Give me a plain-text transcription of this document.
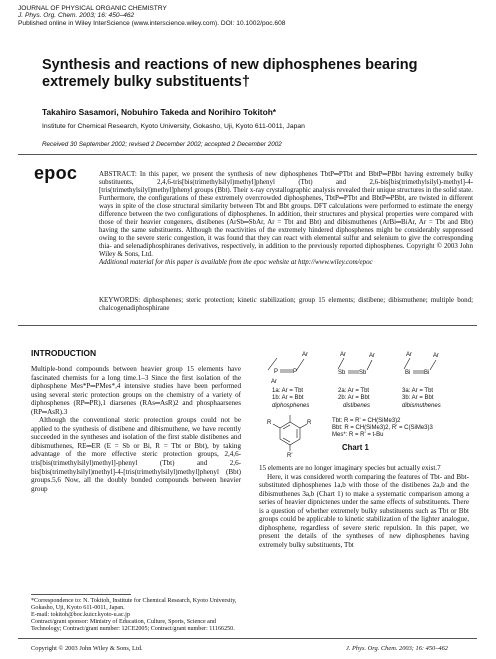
JOURNAL OF PHYSICAL ORGANIC CHEMISTRY
J. Phys. Org. Chem. 2003; 16: 450–462
Published online in Wiley InterScience (www.interscience.wiley.com). DOI: 10.1002/poc.608
Synthesis and reactions of new diphosphenes bearing extremely bulky substituents†
Takahiro Sasamori, Nobuhiro Takeda and Norihiro Tokitoh*
Institute for Chemical Research, Kyoto University, Gokasho, Uji, Kyoto 611-0011, Japan
Received 30 September 2002; revised 2 December 2002; accepted 2 December 2002
epoc	ABSTRACT: In this paper, we present the synthesis of new diphosphenes TbtP═PTbt and BbtP═PBbt having extremely bulky substituents, 2,4,6-tris[bis(trimethylsilyl)methyl]phenyl (Tbt) and 2,6-bis[bis(trimethylsilyl)-methyl]-4-[tris(trimethylsilyl)methyl]phenyl groups (Bbt). Their x-ray crystallographic analysis revealed their unique structures in the solid state. Furthermore, the configurations of these extremely overcrowded diphosphenes, TbtP═PTbt and BbtP═PBbt, are twisted in different ways in spite of the close structural similarity between Tbt and Bbt groups. DFT calculations were performed to estimate the energy difference between the two configurations of diphosphenes. In addition, their structures and physical properties were compared with those of their heavier congeners, distibenes (ArSb═SbAr, Ar = Tbt and Bbt) and dibismuthenes (ArBi═BiAr, Ar = Tbt and Bbt) having the same substituents. Although the reactivities of the extremely hindered diphosphenes might be considerably suppressed owing to the severe steric congestion, it was found that they can react with elemental sulfur and selenium to give the corresponding thia- and selenadiphosphiranes derivatives, respectively, in addition to the previously reported diphosphenes. Copyright © 2003 John Wiley & Sons, Ltd.
Additional material for this paper is available from the epoc website at http://www.wiley.com/epoc
KEYWORDS: diphosphenes; steric protection; kinetic stabilization; group 15 elements; distibene; dibismuthene; multiple bond; chalcogenadiphosphirane
INTRODUCTION

Multiple-bond compounds between heavier group 15 elements have fascinated chemists for a long time.1–3 Since the first isolation of the diphosphene Mes*P═PMes*,4 intensive studies have been performed using several steric protection groups on the chemistry of a variety of diphosphenes (RP═PR),1 diarsenes (RAs═AsR)2 and phosphaarsenes (RP═AsR).3

Although the conventional steric protection groups could not be applied to the synthesis of distibene and dibismuthene, we have recently succeeded in the syntheses and isolation of the first stable distibenes and dibismuthenes, RE═ER (E = Sb or Bi, R = Tbt or Bbt), by taking advantage of the more effective steric protection groups, 2,4,6-tris[bis(trimethylsilyl)methyl]-phenyl (Tbt) and 2,6-bis[bis(trimethylsilyl)methyl]-4-[tris(trimethylsilyl)methyl]phenyl (Bbt) groups.5,6 Now, all the doubly bonded compounds between heavier group

P P
Ar
Ar
1a: Ar = Tbt
1b: Ar = Bbt
diphosphenes
Sb Sb
Ar	Ar
2a: Ar = Tbt
2b: Ar = Bbt
distibenes
Bi Bi
Ar	Ar
3a: Ar = Tbt
3b: Ar = Bbt
dibismuthenes
R	R
R'
Tbt: R = R' = CH(SiMe3)2
Bbt: R = CH(SiMe3)2, R' = C(SiMe3)3
Mes*: R = R' = t-Bu
Chart 1

15 elements are no longer imaginary species but actually exist.7

Here, it was considered worth comparing the features of Tbt- and Bbt-substituted diphosphenes 1a,b with those of the distibenes 2a,b and the dibismuthenes 3a,b (Chart 1) to make a systematic comparison among a series of heavier dipnictenes under the same effects of substituents. There is a question of whether extremely bulky substituents such as Tbt or Bbt groups could be applicable to kinetic stabilization of the lighter analogue, diphosphene, regardless of severe steric repulsion. In this paper, we present the details of the syntheses of new diphosphenes having extremely bulky substituents, Tbt

*Correspondence to: N. Tokitoh, Institute for Chemical Research, Kyoto University, Gokasho, Uji, Kyoto 611-0011, Japan.
E-mail: tokitoh@boc.kuicr.kyoto-u.ac.jp
Contract/grant sponsor: Ministry of Education, Culture, Sports, Science and Technology; Contract/grant number: 12CE2005; Contract/grant number: 11166250.
Copyright © 2003 John Wiley & Sons, Ltd.	J. Phys. Org. Chem. 2003; 16: 450–462
